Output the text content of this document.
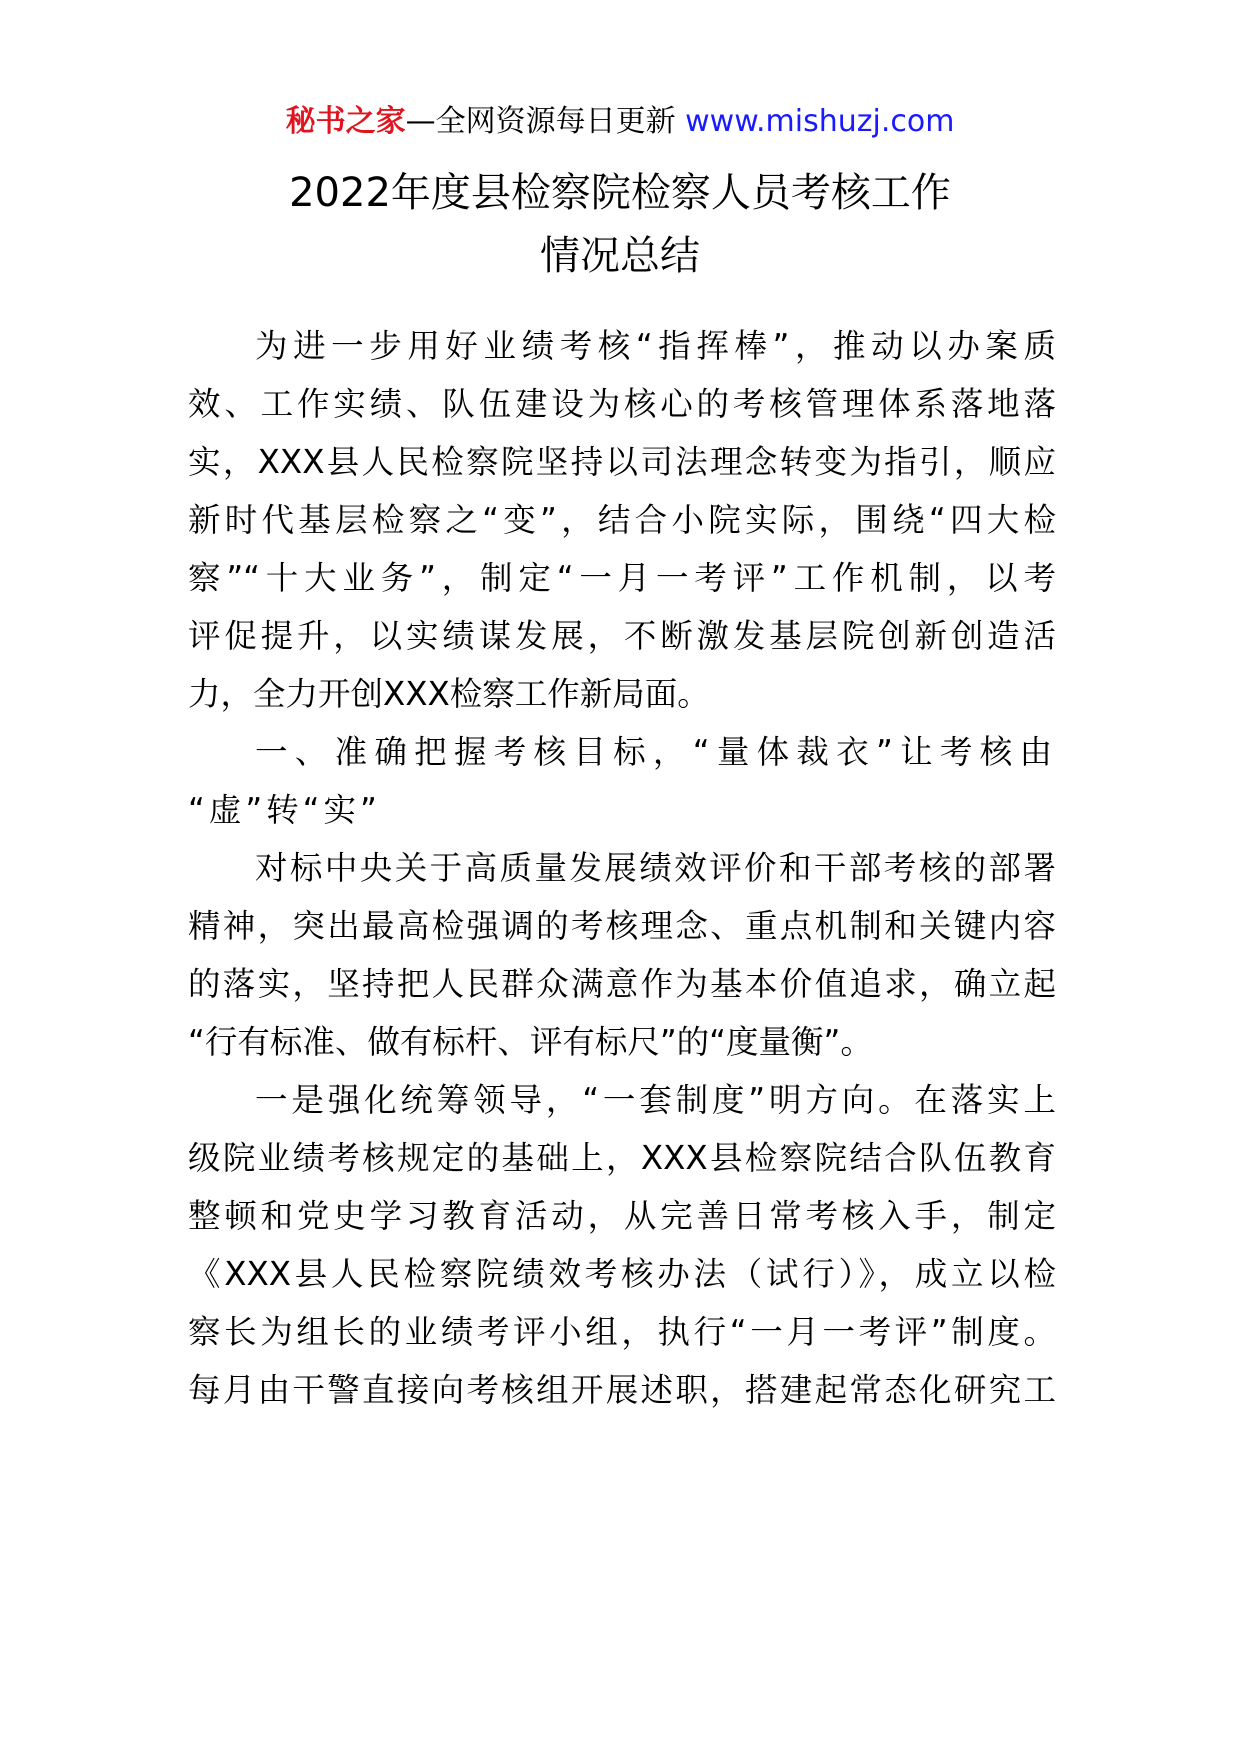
秘书之家—全网资源每日更新 www.mishuzj.com
2022年度县检察院检察人员考核工作
情况总结
为进一步用好业绩考核“指挥棒”，推动以办案质
效、工作实绩、队伍建设为核心的考核管理体系落地落
实，XXX县人民检察院坚持以司法理念转变为指引，顺应
新时代基层检察之“变”，结合小院实际，围绕“四大检
察”“十大业务”，制定“一月一考评”工作机制，以考
评促提升，以实绩谋发展，不断激发基层院创新创造活
力，全力开创XXX检察工作新局面。
一、准确把握考核目标，“量体裁衣”让考核由
“虚”转“实”
对标中央关于高质量发展绩效评价和干部考核的部署
精神，突出最高检强调的考核理念、重点机制和关键内容
的落实，坚持把人民群众满意作为基本价值追求，确立起
“行有标准、做有标杆、评有标尺”的“度量衡”。
一是强化统筹领导，“一套制度”明方向。在落实上
级院业绩考核规定的基础上，XXX县检察院结合队伍教育
整顿和党史学习教育活动，从完善日常考核入手，制定
《XXX县人民检察院绩效考核办法（试行）》，成立以检
察长为组长的业绩考评小组，执行“一月一考评”制度。
每月由干警直接向考核组开展述职，搭建起常态化研究工
